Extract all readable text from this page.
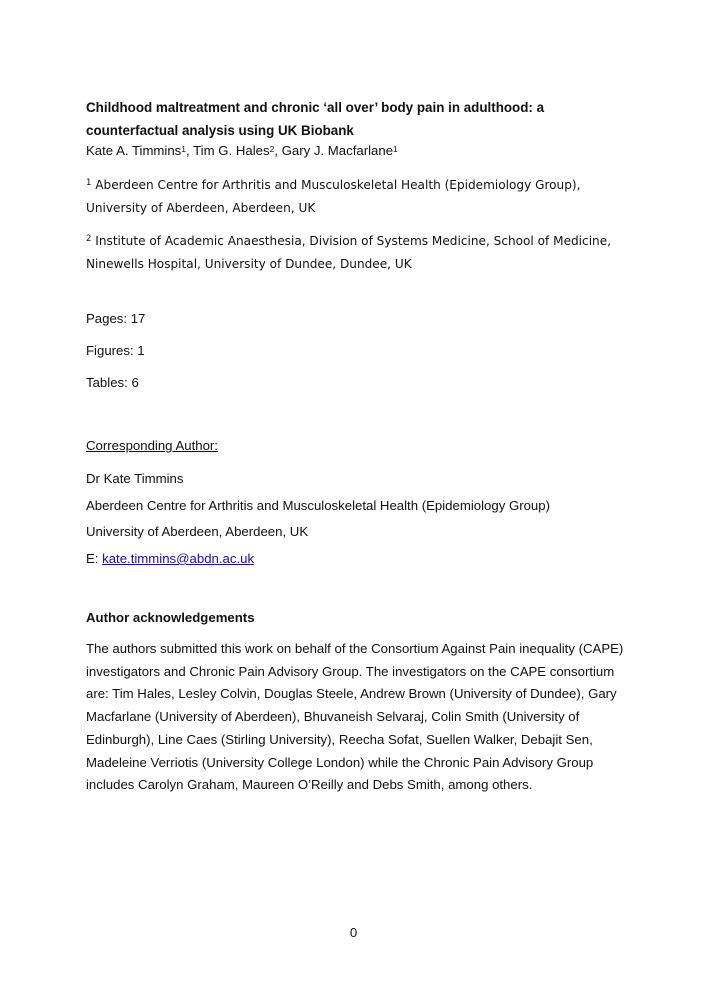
Childhood maltreatment and chronic ‘all over’ body pain in adulthood: a counterfactual analysis using UK Biobank

Kate A. Timmins$^1$, Tim G. Hales$^2$, Gary J. Macfarlane$^1$

$^1$ Aberdeen Centre for Arthritis and Musculoskeletal Health (Epidemiology Group), University of Aberdeen, Aberdeen, UK

$^2$ Institute of Academic Anaesthesia, Division of Systems Medicine, School of Medicine, Ninewells Hospital, University of Dundee, Dundee, UK

Pages: 17

Figures: 1

Tables: 6

Corresponding Author:

Dr Kate Timmins

Aberdeen Centre for Arthritis and Musculoskeletal Health (Epidemiology Group)

University of Aberdeen, Aberdeen, UK

E: kate.timmins@abdn.ac.uk

Author acknowledgements

The authors submitted this work on behalf of the Consortium Against Pain inequality (CAPE) investigators and Chronic Pain Advisory Group. The investigators on the CAPE consortium are: Tim Hales, Lesley Colvin, Douglas Steele, Andrew Brown (University of Dundee), Gary Macfarlane (University of Aberdeen), Bhuvaneish Selvaraj, Colin Smith (University of Edinburgh), Line Caes (Stirling University), Reecha Sofat, Suellen Walker, Debajit Sen, Madeleine Verriotis (University College London) while the Chronic Pain Advisory Group includes Carolyn Graham, Maureen O’Reilly and Debs Smith, among others.

0
